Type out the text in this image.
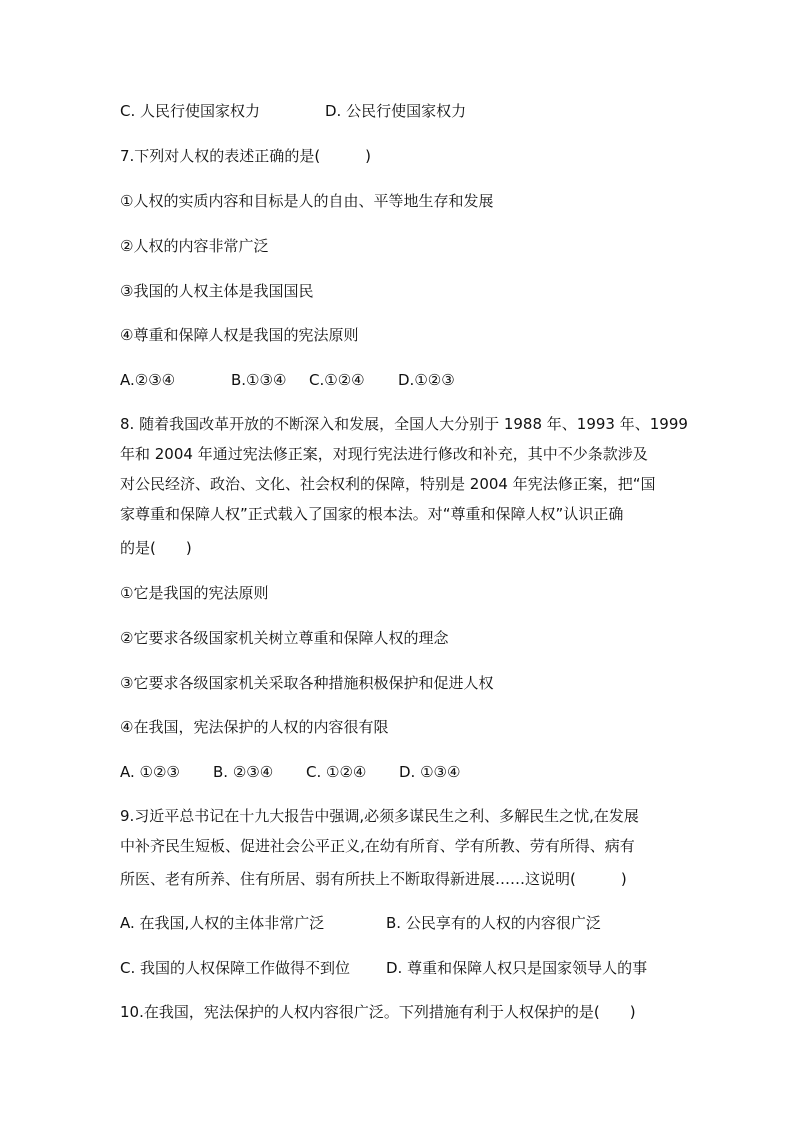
C. 人民行使国家权力	D. 公民行使国家权力
7.下列对人权的表述正确的是(　　　)
①人权的实质内容和目标是人的自由、平等地生存和发展
②人权的内容非常广泛
③我国的人权主体是我国国民
④尊重和保障人权是我国的宪法原则
A.②③④	B.①③④ C.①②④ D.①②③
8. 随着我国改革开放的不断深入和发展，全国人大分别于 1988 年、1993 年、1999
年和 2004 年通过宪法修正案，对现行宪法进行修改和补充，其中不少条款涉及
对公民经济、政治、文化、社会权利的保障，特别是 2004 年宪法修正案，把“国
家尊重和保障人权”正式载入了国家的根本法。对“尊重和保障人权”认识正确
的是(　　)
①它是我国的宪法原则
②它要求各级国家机关树立尊重和保障人权的理念
③它要求各级国家机关采取各种措施积极保护和促进人权
④在我国，宪法保护的人权的内容很有限
A. ①②③ B. ②③④ C. ①②④ D. ①③④
9.习近平总书记在十九大报告中强调,必须多谋民生之利、多解民生之忧,在发展
中补齐民生短板、促进社会公平正义,在幼有所育、学有所教、劳有所得、病有
所医、老有所养、住有所居、弱有所扶上不断取得新进展……这说明(　　　)
A. 在我国,人权的主体非常广泛	B. 公民享有的人权的内容很广泛
C. 我国的人权保障工作做得不到位 D. 尊重和保障人权只是国家领导人的事
10.在我国，宪法保护的人权内容很广泛。下列措施有利于人权保护的是(　　)
